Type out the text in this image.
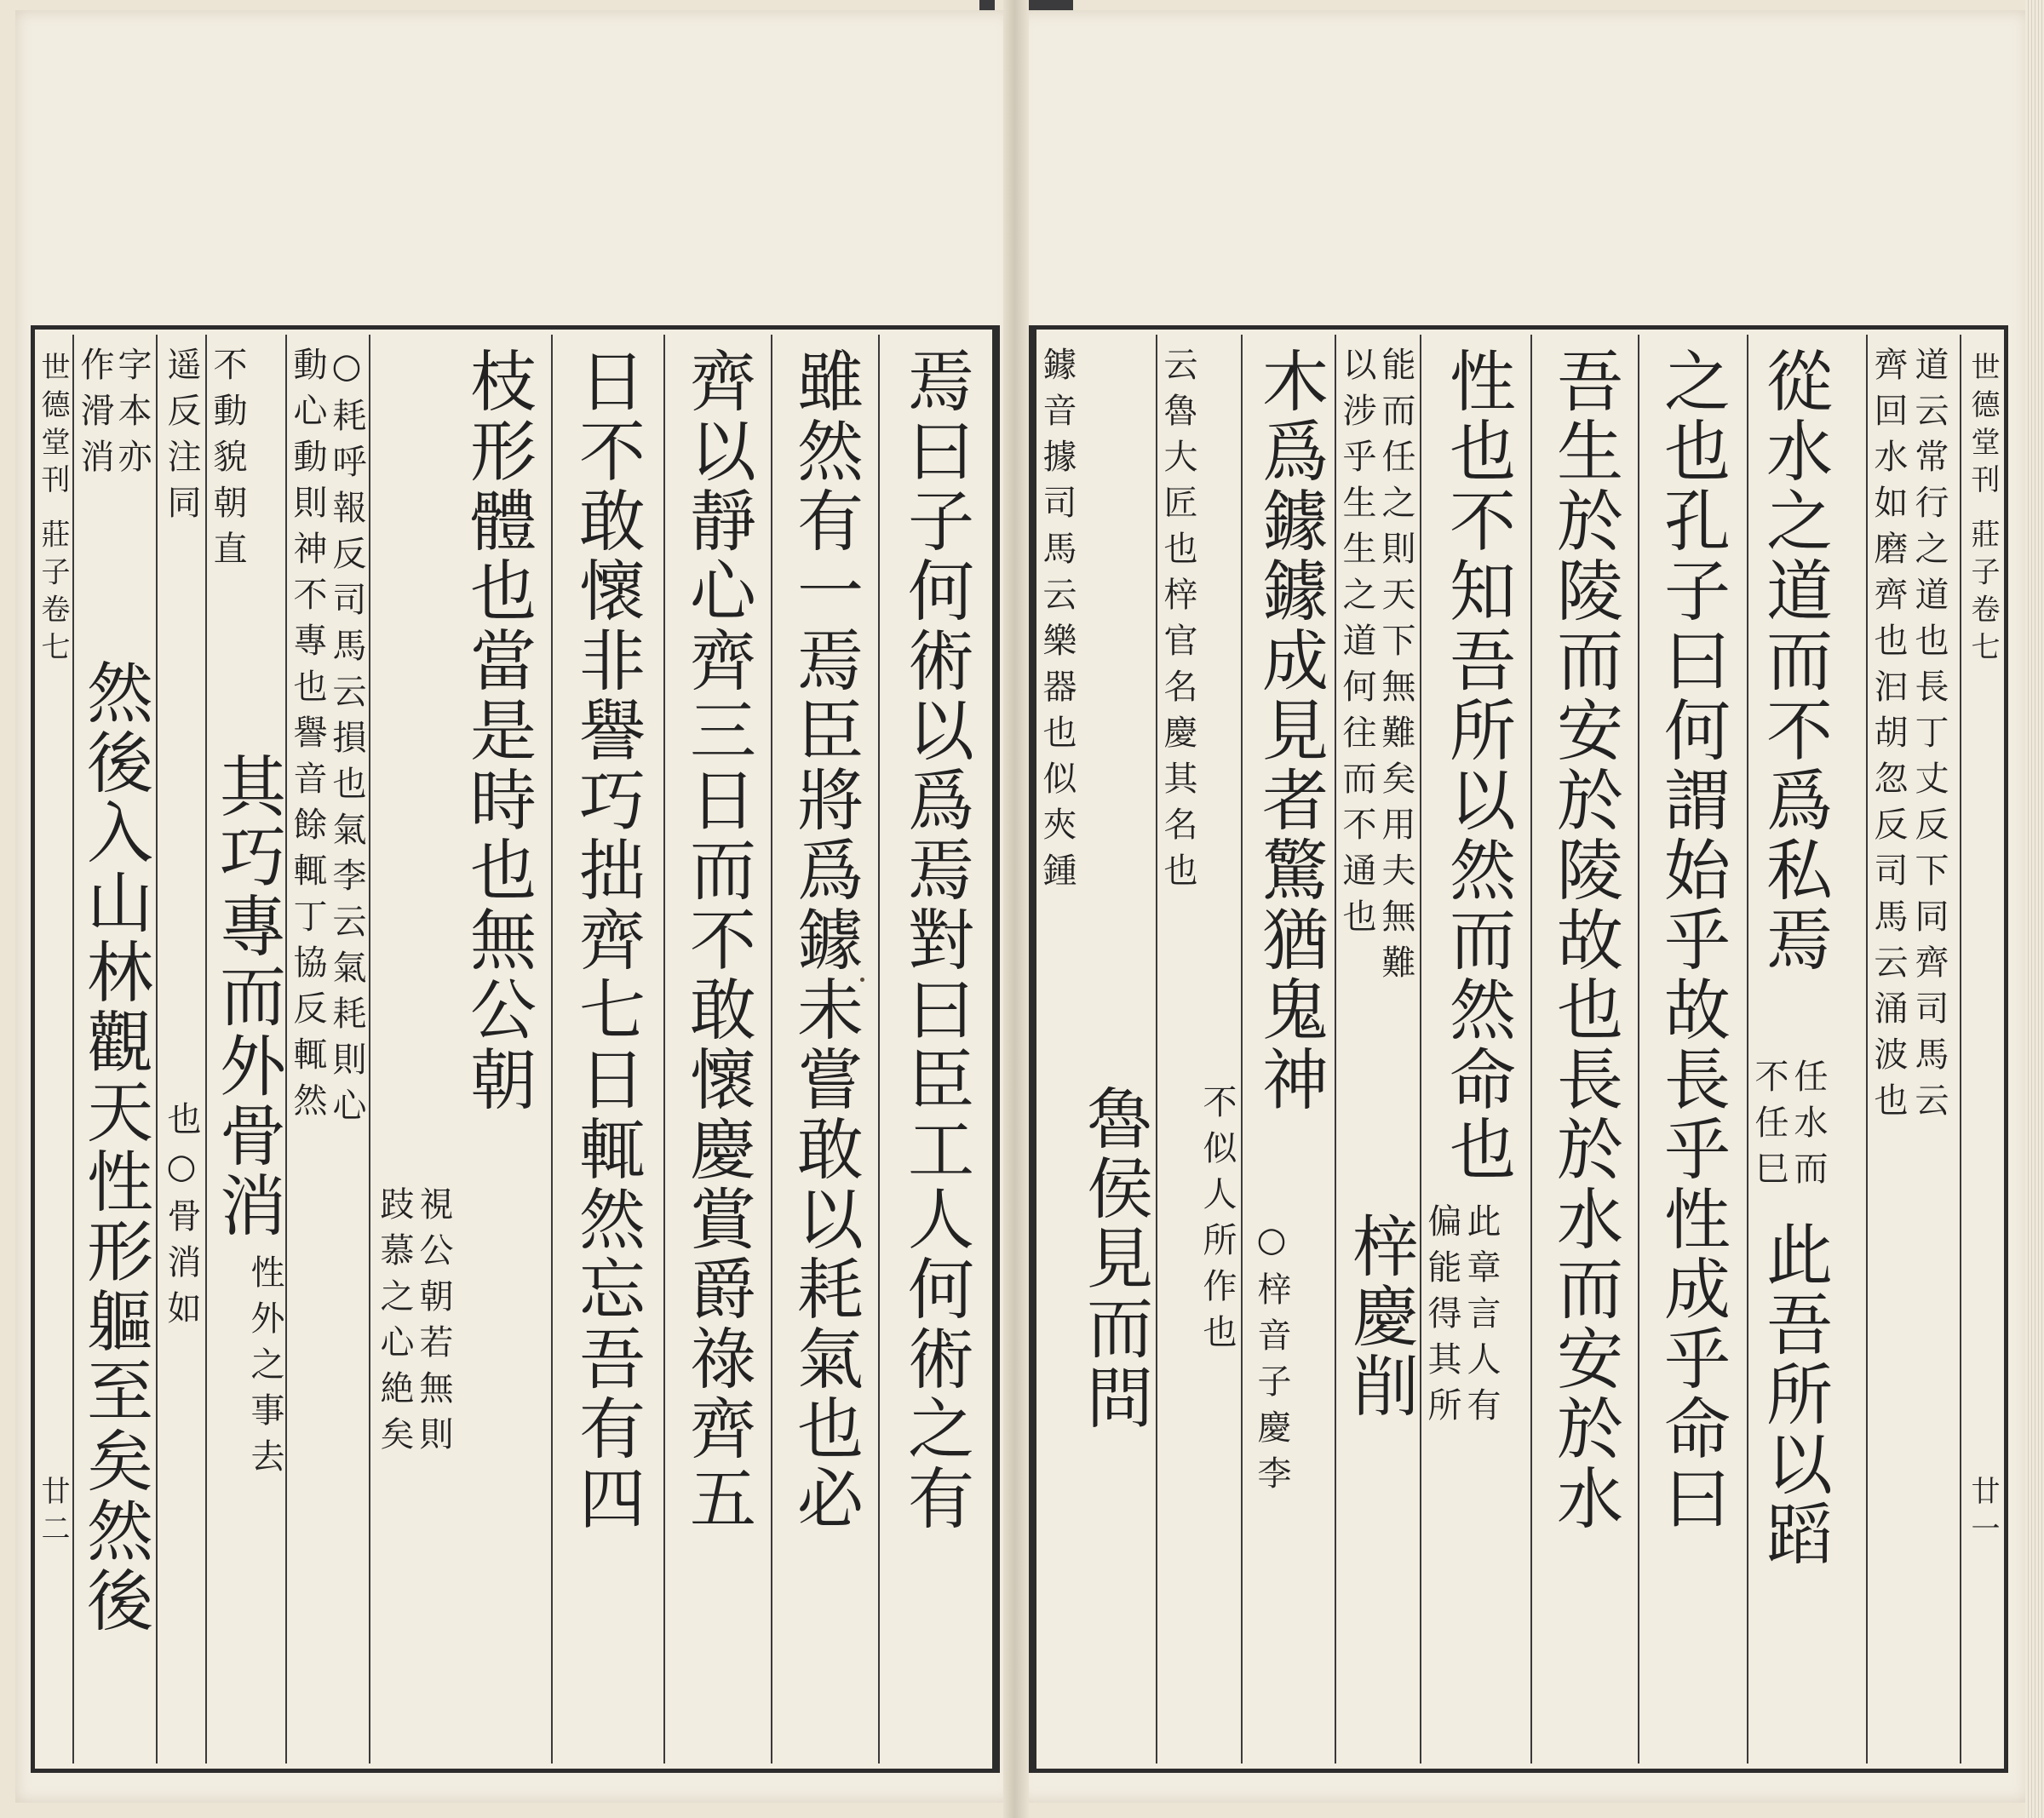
世德堂刊 莊子卷七
廿二 然後入山林觀天性形軀至矣然後
作滑消
字本亦 遥反注同
也○骨消如
不動貌朝直
其巧專而外骨消
性外之事去
動心動則神不專也譽音餘輒丁協反輒然 ○耗呼報反司馬云損也氣李云氣耗則心 枝形體也當是時也無公朝
跂慕之心絶矣 視公朝若無則 日不敢懷非譽巧拙齊七日輒然忘吾有四 齊以靜心齊三日而不敢懷慶賞爵祿齊五 雖然有一焉臣將爲鐻未嘗敢以耗氣也必 焉曰子何術以爲焉對曰臣工人何術之有 鐻音據司馬云樂器也似夾鍾
魯侯見而問
云魯大匠也梓官名慶其名也
不似人所作也
木爲鐻鐻成見者驚猶鬼神
○梓音子慶李
以涉乎生生之道何往而不通也 能而任之則天下無難矣用夫無難
梓慶削
性也不知吾所以然而然命也
偏能得其所 此章言人有 吾生於陵而安於陵故也長於水而安於水 之也孔子曰何謂始乎故長乎性成乎命曰 從水之道而不爲私焉
不任巳 任水而
此吾所以蹈
齊回水如磨齊也汩胡忽反司馬云涌波也 道云常行之道也長丁丈反下同齊司馬云 世德堂刊 莊子卷七
廿一
